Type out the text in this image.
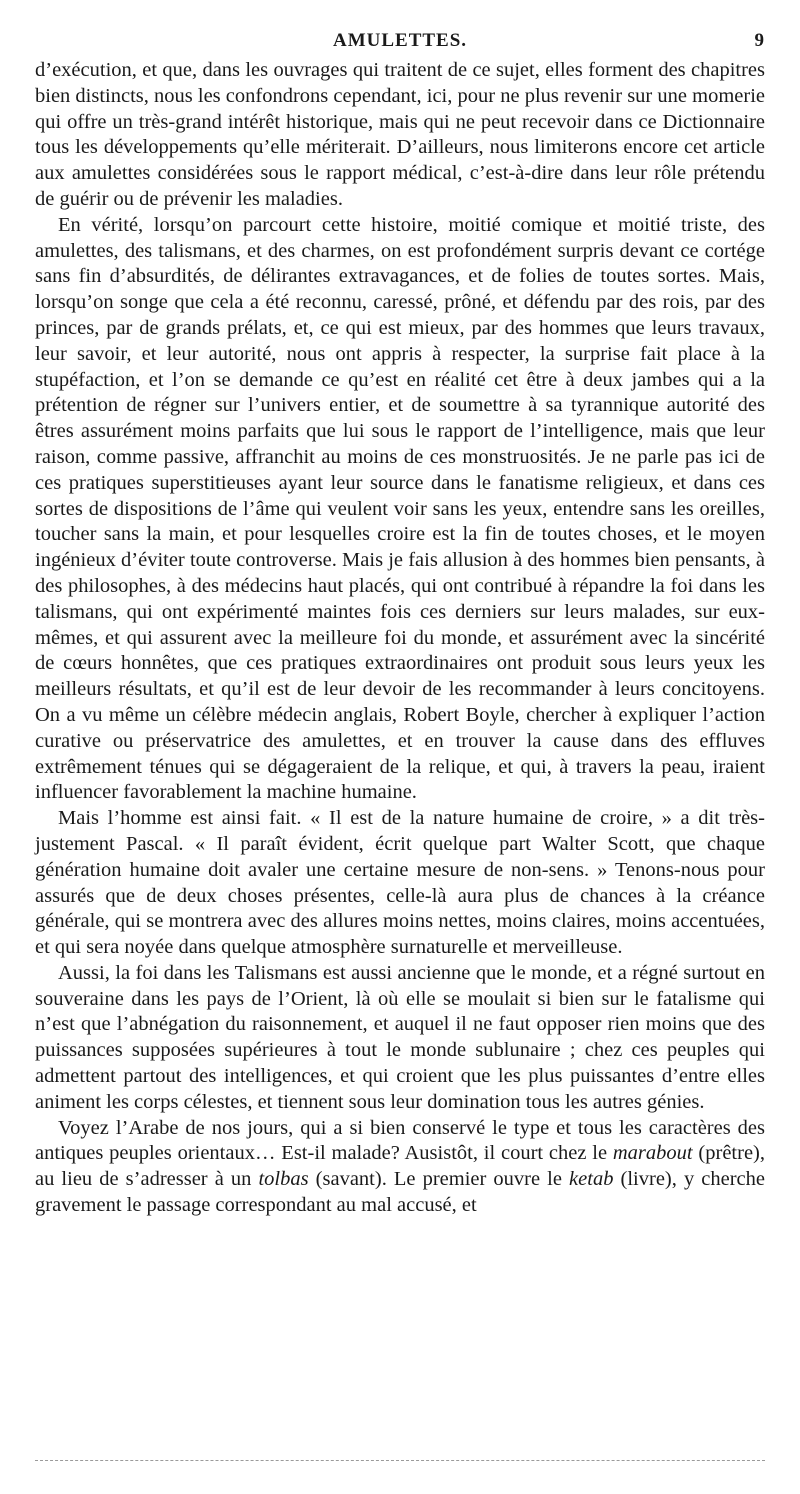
AMULETTES.	9

d’exécution, et que, dans les ouvrages qui traitent de ce sujet, elles forment des chapitres bien distincts, nous les confondrons cependant, ici, pour ne plus revenir sur une momerie qui offre un très-grand intérêt historique, mais qui ne peut recevoir dans ce Dictionnaire tous les développements qu’elle mériterait. D’ailleurs, nous limiterons encore cet article aux amulettes considérées sous le rapport médical, c’est-à-dire dans leur rôle prétendu de guérir ou de prévenir les maladies.

En vérité, lorsqu’on parcourt cette histoire, moitié comique et moitié triste, des amulettes, des talismans, et des charmes, on est profondément surpris devant ce cortége sans fin d’absurdités, de délirantes extravagances, et de folies de toutes sortes. Mais, lorsqu’on songe que cela a été reconnu, caressé, prôné, et défendu par des rois, par des princes, par de grands prélats, et, ce qui est mieux, par des hommes que leurs travaux, leur savoir, et leur autorité, nous ont appris à respecter, la surprise fait place à la stupéfaction, et l’on se demande ce qu’est en réalité cet être à deux jambes qui a la prétention de régner sur l’univers entier, et de soumettre à sa tyrannique autorité des êtres assurément moins parfaits que lui sous le rapport de l’intelligence, mais que leur raison, comme passive, affranchit au moins de ces monstruosités. Je ne parle pas ici de ces pratiques superstitieuses ayant leur source dans le fanatisme religieux, et dans ces sortes de dispositions de l’âme qui veulent voir sans les yeux, entendre sans les oreilles, toucher sans la main, et pour lesquelles croire est la fin de toutes choses, et le moyen ingénieux d’éviter toute controverse. Mais je fais allusion à des hommes bien pensants, à des philosophes, à des médecins haut placés, qui ont contribué à répandre la foi dans les talismans, qui ont expérimenté maintes fois ces derniers sur leurs malades, sur eux-mêmes, et qui assurent avec la meilleure foi du monde, et assurément avec la sincérité de cœurs honnêtes, que ces pratiques extraordinaires ont produit sous leurs yeux les meilleurs résultats, et qu’il est de leur devoir de les recommander à leurs concitoyens. On a vu même un célèbre médecin anglais, Robert Boyle, chercher à expliquer l’action curative ou préservatrice des amulettes, et en trouver la cause dans des effluves extrêmement ténues qui se dégageraient de la relique, et qui, à travers la peau, iraient influencer favorablement la machine humaine.

Mais l’homme est ainsi fait. « Il est de la nature humaine de croire, » a dit très-justement Pascal. « Il paraît évident, écrit quelque part Walter Scott, que chaque génération humaine doit avaler une certaine mesure de non-sens. » Tenons-nous pour assurés que de deux choses présentes, celle-là aura plus de chances à la créance générale, qui se montrera avec des allures moins nettes, moins claires, moins accentuées, et qui sera noyée dans quelque atmosphère surnaturelle et merveilleuse.

Aussi, la foi dans les Talismans est aussi ancienne que le monde, et a régné surtout en souveraine dans les pays de l’Orient, là où elle se moulait si bien sur le fatalisme qui n’est que l’abnégation du raisonnement, et auquel il ne faut opposer rien moins que des puissances supposées supérieures à tout le monde sublunaire ; chez ces peuples qui admettent partout des intelligences, et qui croient que les plus puissantes d’entre elles animent les corps célestes, et tiennent sous leur domination tous les autres génies.

Voyez l’Arabe de nos jours, qui a si bien conservé le type et tous les caractères des antiques peuples orientaux… Est-il malade? Ausistôt, il court chez le marabout (prêtre), au lieu de s’adresser à un tolbas (savant). Le premier ouvre le ketab (livre), y cherche gravement le passage correspondant au mal accusé, et
